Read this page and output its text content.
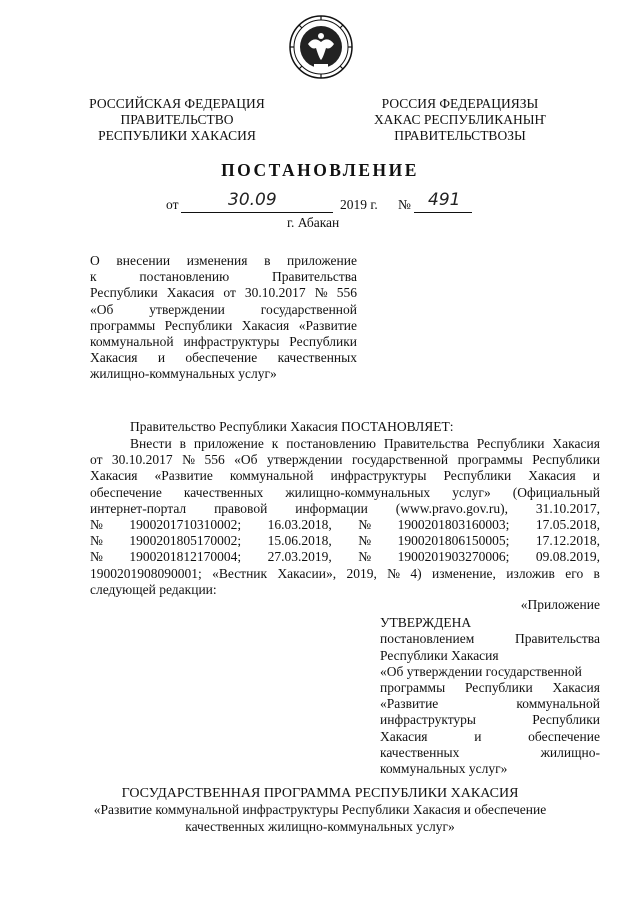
РОССИЙСКАЯ ФЕДЕРАЦИЯ
ПРАВИТЕЛЬСТВО
РЕСПУБЛИКИ ХАКАСИЯ
РОССИЯ ФЕДЕРАЦИЯЗЫ
ХАКАС РЕСПУБЛИКАНЫҤ
ПРАВИТЕЛЬСТВОЗЫ
ПОСТАНОВЛЕНИЕ
от	30.09	2019 г. № 491
г. Абакан
О внесении изменения в приложение
к	постановлению	Правительства
Республики Хакасия от 30.10.2017 № 556
«Об	утверждении	государственной
программы Республики Хакасия «Развитие
коммунальной инфраструктуры Республики
Хакасия и обеспечение качественных
жилищно-коммунальных услуг»
Правительство Республики Хакасия ПОСТАНОВЛЯЕТ:
Внести в приложение к постановлению Правительства Республики Хакасия
от 30.10.2017 № 556 «Об утверждении государственной программы Республики
Хакасия «Развитие коммунальной инфраструктуры Республики Хакасия и
обеспечение качественных жилищно-коммунальных услуг» (Официальный
интернет-портал правовой информации (www.pravo.gov.ru), 31.10.2017,
№ 1900201710310002; 16.03.2018, № 1900201803160003; 17.05.2018,
№ 1900201805170002; 15.06.2018, № 1900201806150005; 17.12.2018,
№ 1900201812170004; 27.03.2019, № 1900201903270006; 09.08.2019,
1900201908090001; «Вестник Хакасии», 2019, № 4) изменение, изложив его в
следующей редакции:
«Приложение
УТВЕРЖДЕНА
постановлением	Правительства
Республики Хакасия
«Об утверждении государственной
программы Республики Хакасия
«Развитие	коммунальной
инфраструктуры	Республики
Хакасия	и	обеспечение
качественных	жилищно-
коммунальных услуг»
ГОСУДАРСТВЕННАЯ ПРОГРАММА РЕСПУБЛИКИ ХАКАСИЯ
«Развитие коммунальной инфраструктуры Республики Хакасия и обеспечение
качественных жилищно-коммунальных услуг»
